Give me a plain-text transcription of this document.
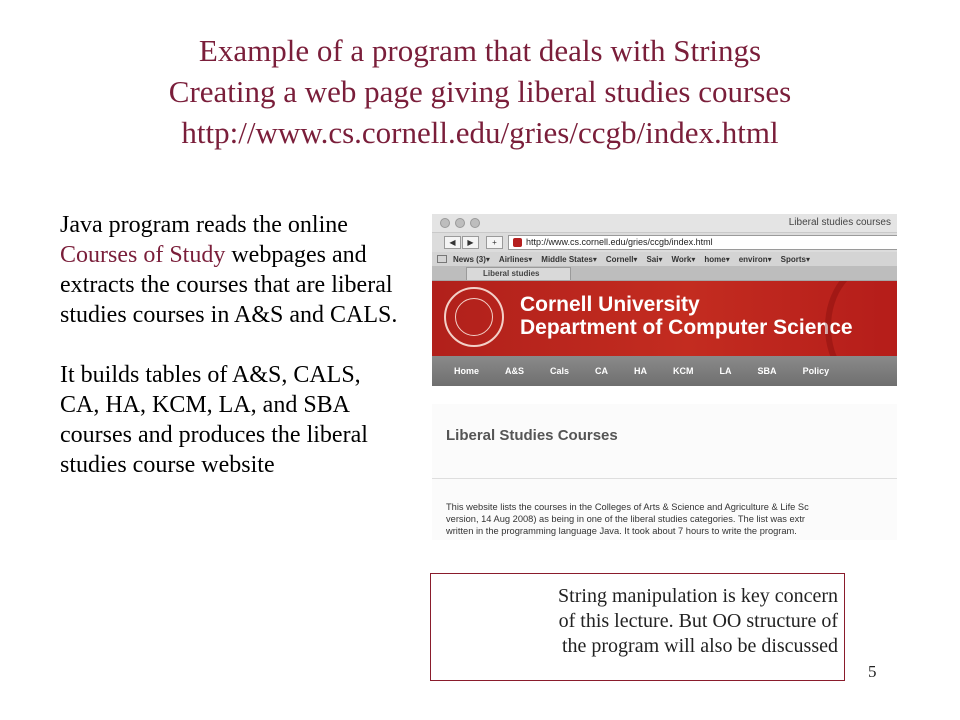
Example of a program that deals with Strings
Creating a web page giving liberal studies courses
http://www.cs.cornell.edu/gries/ccgb/index.html

Java program reads the online Courses of Study webpages and extracts the courses that are liberal studies courses in A&S and CALS.

It builds tables of A&S, CALS, CA, HA, KCM, LA, and SBA courses and produces the liberal studies course website

Liberal studies courses
◀	▶	+	http://www.cs.cornell.edu/gries/ccgb/index.html
News (3)▾ Airlines▾ Middle States▾ Cornell▾ Sai▾ Work▾ home▾ environ▾ Sports▾
Liberal studies
Cornell University
Department of Computer Science
Home	A&S	Cals	CA	HA	KCM	LA	SBA	Policy
Liberal Studies Courses
This website lists the courses in the Colleges of Arts & Science and Agriculture & Life Sc
version, 14 Aug 2008) as being in one of the liberal studies categories. The list was extr
written in the programming language Java. It took about 7 hours to write the program.
String manipulation is key concern
of this lecture. But OO structure of
the program will also be discussed
5
